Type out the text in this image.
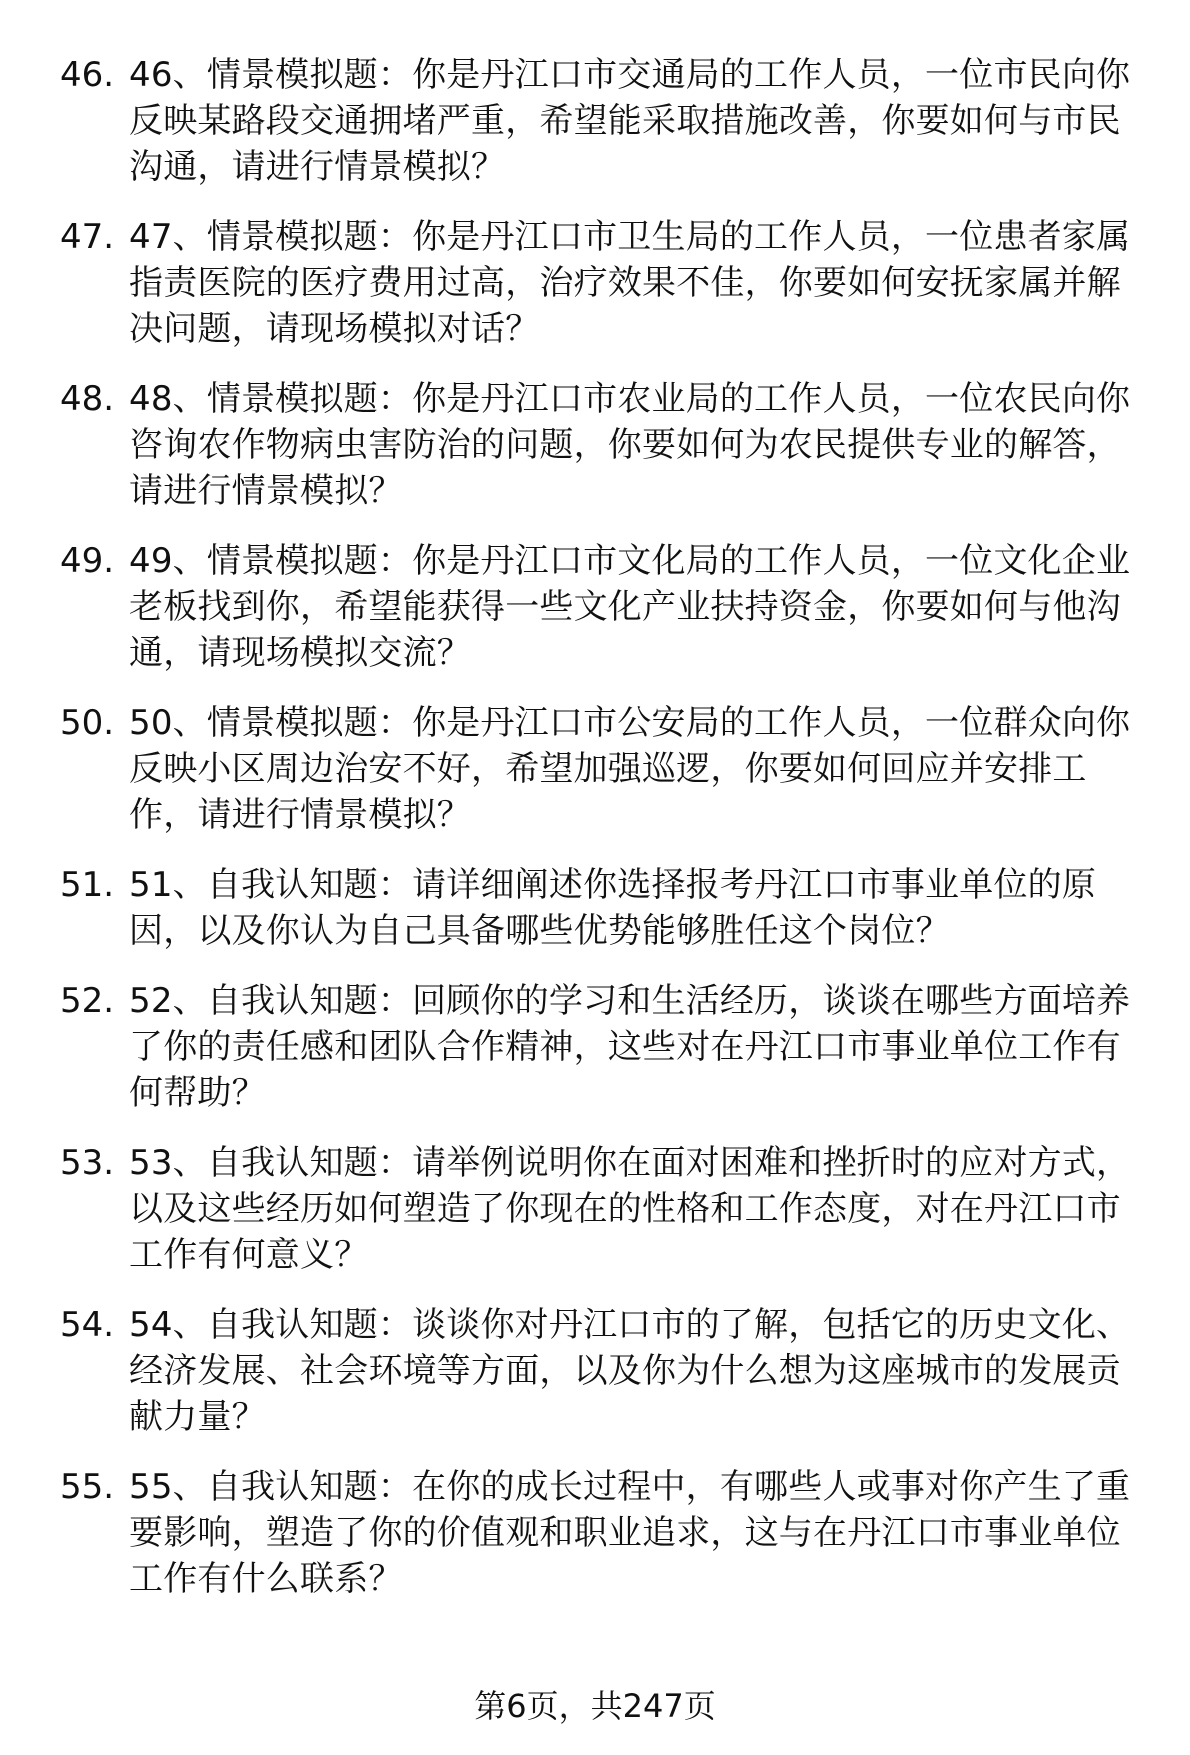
46. 46、情景模拟题：你是丹江口市交通局的工作人员，一位市民向你反映某路段交通拥堵严重，希望能采取措施改善，你要如何与市民沟通，请进行情景模拟？
47. 47、情景模拟题：你是丹江口市卫生局的工作人员，一位患者家属指责医院的医疗费用过高，治疗效果不佳，你要如何安抚家属并解决问题，请现场模拟对话？
48. 48、情景模拟题：你是丹江口市农业局的工作人员，一位农民向你咨询农作物病虫害防治的问题，你要如何为农民提供专业的解答，请进行情景模拟？
49. 49、情景模拟题：你是丹江口市文化局的工作人员，一位文化企业老板找到你，希望能获得一些文化产业扶持资金，你要如何与他沟通，请现场模拟交流？
50. 50、情景模拟题：你是丹江口市公安局的工作人员，一位群众向你反映小区周边治安不好，希望加强巡逻，你要如何回应并安排工作，请进行情景模拟？
51. 51、自我认知题：请详细阐述你选择报考丹江口市事业单位的原因，以及你认为自己具备哪些优势能够胜任这个岗位？
52. 52、自我认知题：回顾你的学习和生活经历，谈谈在哪些方面培养了你的责任感和团队合作精神，这些对在丹江口市事业单位工作有何帮助？
53. 53、自我认知题：请举例说明你在面对困难和挫折时的应对方式，以及这些经历如何塑造了你现在的性格和工作态度，对在丹江口市工作有何意义？
54. 54、自我认知题：谈谈你对丹江口市的了解，包括它的历史文化、经济发展、社会环境等方面，以及你为什么想为这座城市的发展贡献力量？
55. 55、自我认知题：在你的成长过程中，有哪些人或事对你产生了重要影响，塑造了你的价值观和职业追求，这与在丹江口市事业单位工作有什么联系？
第6页，共247页
